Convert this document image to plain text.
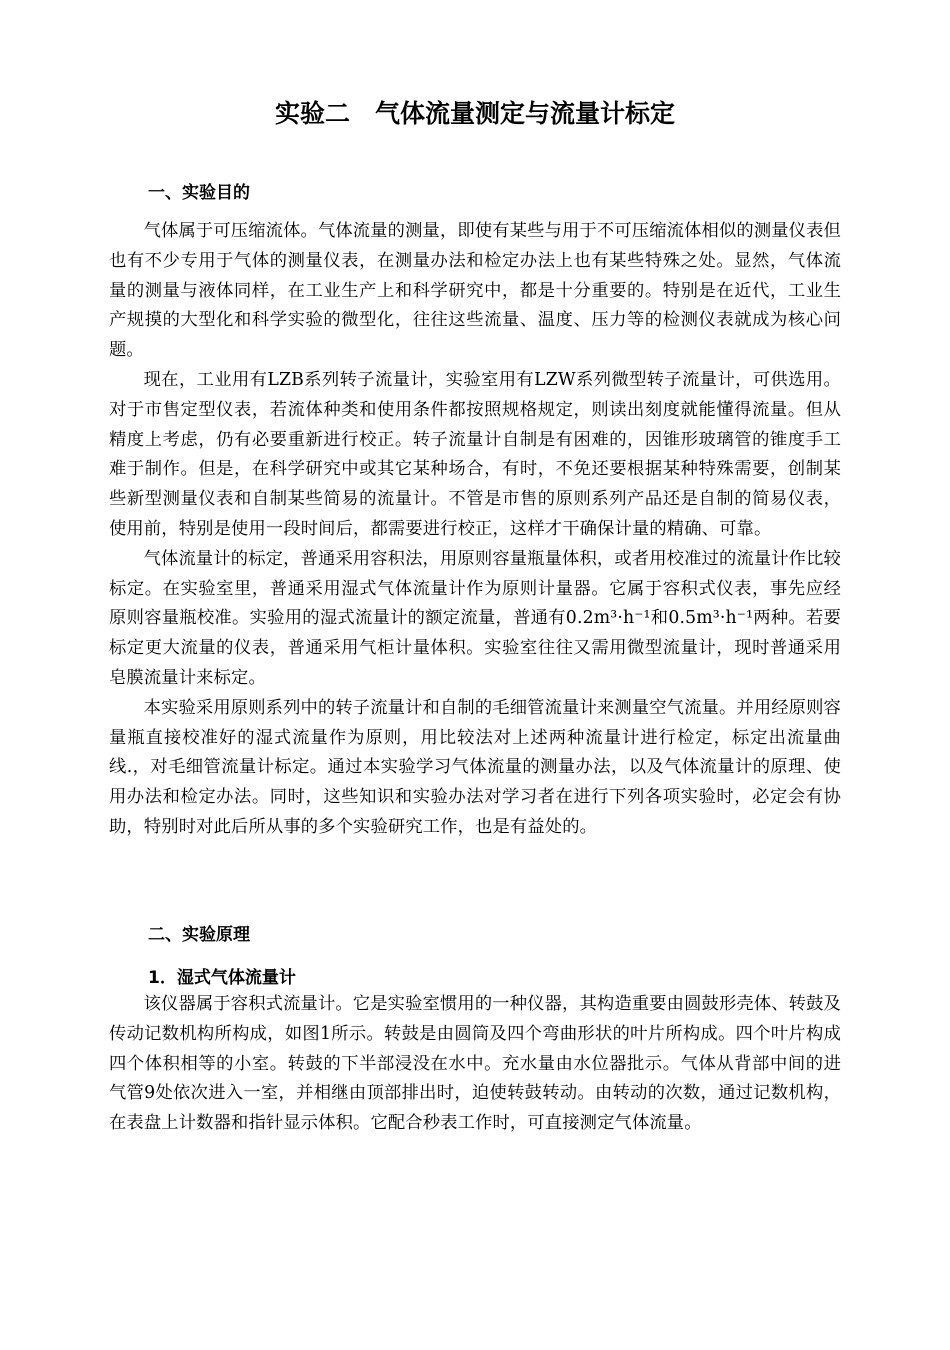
实验二　气体流量测定与流量计标定
一、实验目的

气体属于可压缩流体。气体流量的测量，即使有某些与用于不可压缩流体相似的测量仪表但也有不少专用于气体的测量仪表，在测量办法和检定办法上也有某些特殊之处。显然，气体流量的测量与液体同样，在工业生产上和科学研究中，都是十分重要的。特别是在近代，工业生产规摸的大型化和科学实验的微型化，往往这些流量、温度、压力等的检测仪表就成为核心问题。

现在，工业用有LZB系列转子流量计，实验室用有LZW系列微型转子流量计，可供选用。对于市售定型仪表，若流体种类和使用条件都按照规格规定，则读出刻度就能懂得流量。但从精度上考虑，仍有必要重新进行校正。转子流量计自制是有困难的，因锥形玻璃管的锥度手工难于制作。但是，在科学研究中或其它某种场合，有时，不免还要根据某种特殊需要，创制某些新型测量仪表和自制某些简易的流量计。不管是市售的原则系列产品还是自制的简易仪表，使用前，特别是使用一段时间后，都需要进行校正，这样才干确保计量的精确、可靠。

气体流量计的标定，普通采用容积法，用原则容量瓶量体积，或者用校准过的流量计作比较标定。在实验室里，普通采用湿式气体流量计作为原则计量器。它属于容积式仪表，事先应经原则容量瓶校准。实验用的湿式流量计的额定流量，普通有0.2m³·h⁻¹和0.5m³·h⁻¹两种。若要标定更大流量的仪表，普通采用气柜计量体积。实验室往往又需用微型流量计，现时普通采用皂膜流量计来标定。

本实验采用原则系列中的转子流量计和自制的毛细管流量计来测量空气流量。并用经原则容量瓶直接校准好的湿式流量作为原则，用比较法对上述两种流量计进行检定，标定出流量曲线.，对毛细管流量计标定。通过本实验学习气体流量的测量办法，以及气体流量计的原理、使用办法和检定办法。同时，这些知识和实验办法对学习者在进行下列各项实验时，必定会有协助，特别时对此后所从事的多个实验研究工作，也是有益处的。

二、实验原理
1．湿式气体流量计

该仪器属于容积式流量计。它是实验室惯用的一种仪器，其构造重要由圆鼓形壳体、转鼓及传动记数机构所构成，如图1所示。转鼓是由圆筒及四个弯曲形状的叶片所构成。四个叶片构成四个体积相等的小室。转鼓的下半部浸没在水中。充水量由水位器批示。气体从背部中间的进气管9处依次进入一室，并相继由顶部排出时，迫使转鼓转动。由转动的次数，通过记数机构，在表盘上计数器和指针显示体积。它配合秒表工作时，可直接测定气体流量。
